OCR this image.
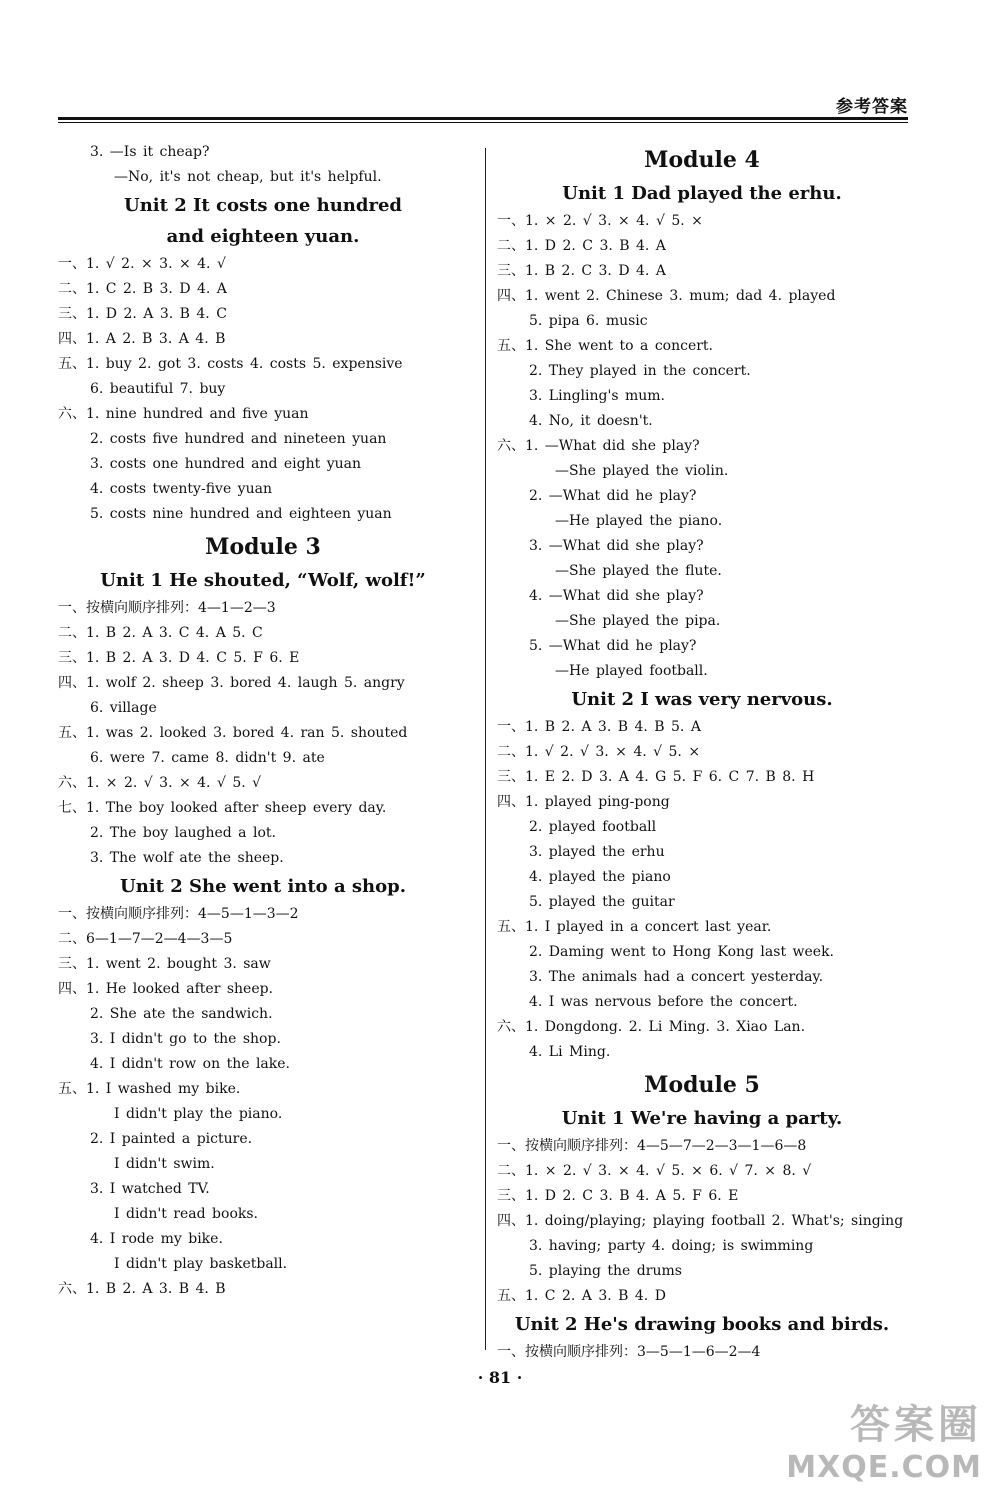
参考答案
3. —Is it cheap?
—No, it's not cheap, but it's helpful.
Unit 2 It costs one hundred
and eighteen yuan.
一、1. √ 2. × 3. × 4. √
二、1. C 2. B 3. D 4. A
三、1. D 2. A 3. B 4. C
四、1. A 2. B 3. A 4. B
五、1. buy 2. got 3. costs 4. costs 5. expensive
6. beautiful 7. buy
六、1. nine hundred and five yuan
2. costs five hundred and nineteen yuan
3. costs one hundred and eight yuan
4. costs twenty-five yuan
5. costs nine hundred and eighteen yuan
Module 3
Unit 1 He shouted, “Wolf, wolf!”
一、按横向顺序排列：4—1—2—3
二、1. B 2. A 3. C 4. A 5. C
三、1. B 2. A 3. D 4. C 5. F 6. E
四、1. wolf 2. sheep 3. bored 4. laugh 5. angry
6. village
五、1. was 2. looked 3. bored 4. ran 5. shouted
6. were 7. came 8. didn't 9. ate
六、1. × 2. √ 3. × 4. √ 5. √
七、1. The boy looked after sheep every day.
2. The boy laughed a lot.
3. The wolf ate the sheep.
Unit 2 She went into a shop.
一、按横向顺序排列：4—5—1—3—2
二、6—1—7—2—4—3—5
三、1. went 2. bought 3. saw
四、1. He looked after sheep.
2. She ate the sandwich.
3. I didn't go to the shop.
4. I didn't row on the lake.
五、1. I washed my bike.
I didn't play the piano.
2. I painted a picture.
I didn't swim.
3. I watched TV.
I didn't read books.
4. I rode my bike.
I didn't play basketball.
六、1. B 2. A 3. B 4. B
Module 4
Unit 1 Dad played the erhu.
一、1. × 2. √ 3. × 4. √ 5. ×
二、1. D 2. C 3. B 4. A
三、1. B 2. C 3. D 4. A
四、1. went 2. Chinese 3. mum; dad 4. played
5. pipa 6. music
五、1. She went to a concert.
2. They played in the concert.
3. Lingling's mum.
4. No, it doesn't.
六、1. —What did she play?
—She played the violin.
2. —What did he play?
—He played the piano.
3. —What did she play?
—She played the flute.
4. —What did she play?
—She played the pipa.
5. —What did he play?
—He played football.
Unit 2 I was very nervous.
一、1. B 2. A 3. B 4. B 5. A
二、1. √ 2. √ 3. × 4. √ 5. ×
三、1. E 2. D 3. A 4. G 5. F 6. C 7. B 8. H
四、1. played ping-pong
2. played football
3. played the erhu
4. played the piano
5. played the guitar
五、1. I played in a concert last year.
2. Daming went to Hong Kong last week.
3. The animals had a concert yesterday.
4. I was nervous before the concert.
六、1. Dongdong. 2. Li Ming. 3. Xiao Lan.
4. Li Ming.
Module 5
Unit 1 We're having a party.
一、按横向顺序排列：4—5—7—2—3—1—6—8
二、1. × 2. √ 3. × 4. √ 5. × 6. √ 7. × 8. √
三、1. D 2. C 3. B 4. A 5. F 6. E
四、1. doing/playing; playing football 2. What's; singing
3. having; party 4. doing; is swimming
5. playing the drums
五、1. C 2. A 3. B 4. D
Unit 2 He's drawing books and birds.
一、按横向顺序排列：3—5—1—6—2—4
· 81 ·
答案圈
MXQE.COM
